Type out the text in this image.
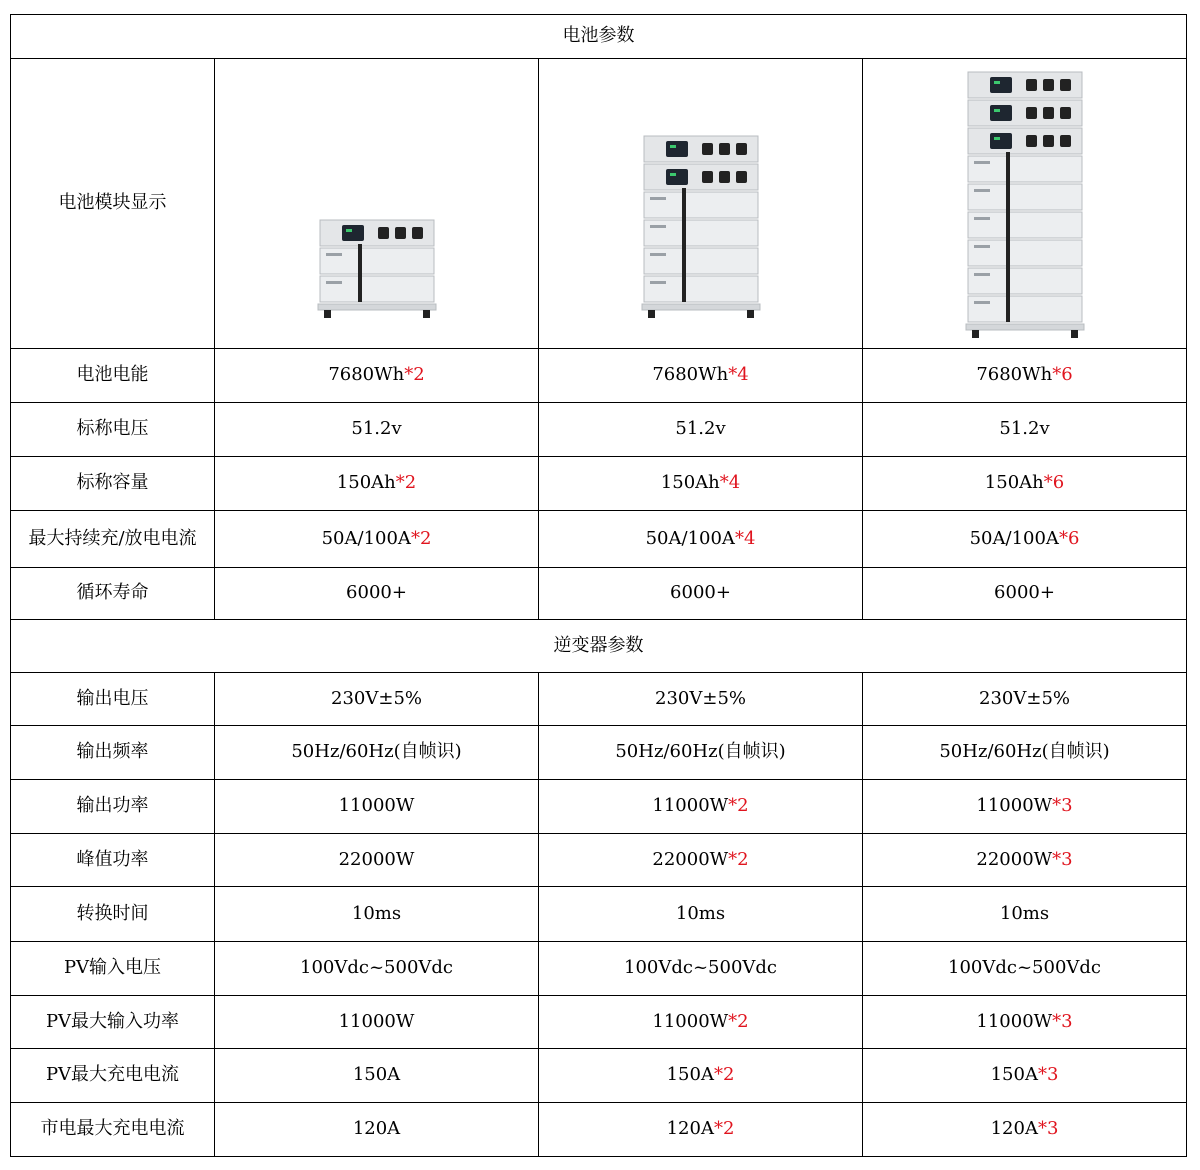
电池参数			
电池模块显示	

电池电能	7680Wh*2	7680Wh*4	7680Wh*6
标称电压	51.2v	51.2v	51.2v
标称容量	150Ah*2	150Ah*4	150Ah*6
最大持续充/放电电流	50A/100A*2	50A/100A*4	50A/100A*6
循环寿命	6000+	6000+	6000+
逆变器参数			
输出电压	230V±5%	230V±5%	230V±5%
输出频率	50Hz/60Hz(自帧识)	50Hz/60Hz(自帧识)	50Hz/60Hz(自帧识)
输出功率	11000W	11000W*2	11000W*3
峰值功率	22000W	22000W*2	22000W*3
转换时间	10ms	10ms	10ms
PV输入电压	100Vdc~500Vdc	100Vdc~500Vdc	100Vdc~500Vdc
PV最大输入功率	11000W	11000W*2	11000W*3
PV最大充电电流	150A	150A*2	150A*3
市电最大充电电流	120A	120A*2	120A*3
